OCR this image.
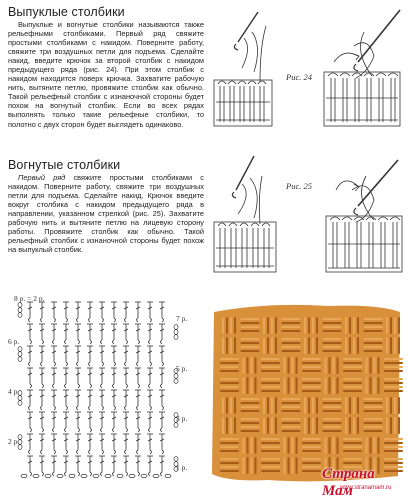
Выпуклые столбики

Выпуклые и вогнутые столбики называются также рельефными столбиками. Первый ряд свяжите простыми столбиками с накидом. Поверните работу, свяжите три воздушных петли для подъема. Сделайте накид, введите крючок за второй столбик с накидом предыдущего ряда (рис. 24). При этом столбик с накидом находится поверх крючка. Захватите рабочую нить, вытяните петлю, провяжите столбик как обычно. Такой рельефный столбик с изнаночной стороны будет похож на вогнутый столбик. Если во всех рядах выполнять только такие рельефные столбики, то полотно с двух сторон будет выглядеть одинаково.

Вогнутые столбики

Первый ряд свяжите простыми столбиками с накидом. Поверните работу, свяжите три воздушных петли для подъема. Сделайте накид. Крючок введите вокруг столбика с накидом предыдущего ряда в направлении, указанном стрелкой (рис. 25). Захватите рабочую нить и вытяните петлю на лицевую сторону работы. Провяжите столбик как обычно. Такой рельефный столбик с изнаночной стороны будет похож на выпуклый столбик.

Рис. 24
Рис. 25
8 р. = 2 р.
6 р.
4 р.
2 р.
7 р.
5 р.
3 р.
1 р.	Страна Мам
www.stranamam.ru
